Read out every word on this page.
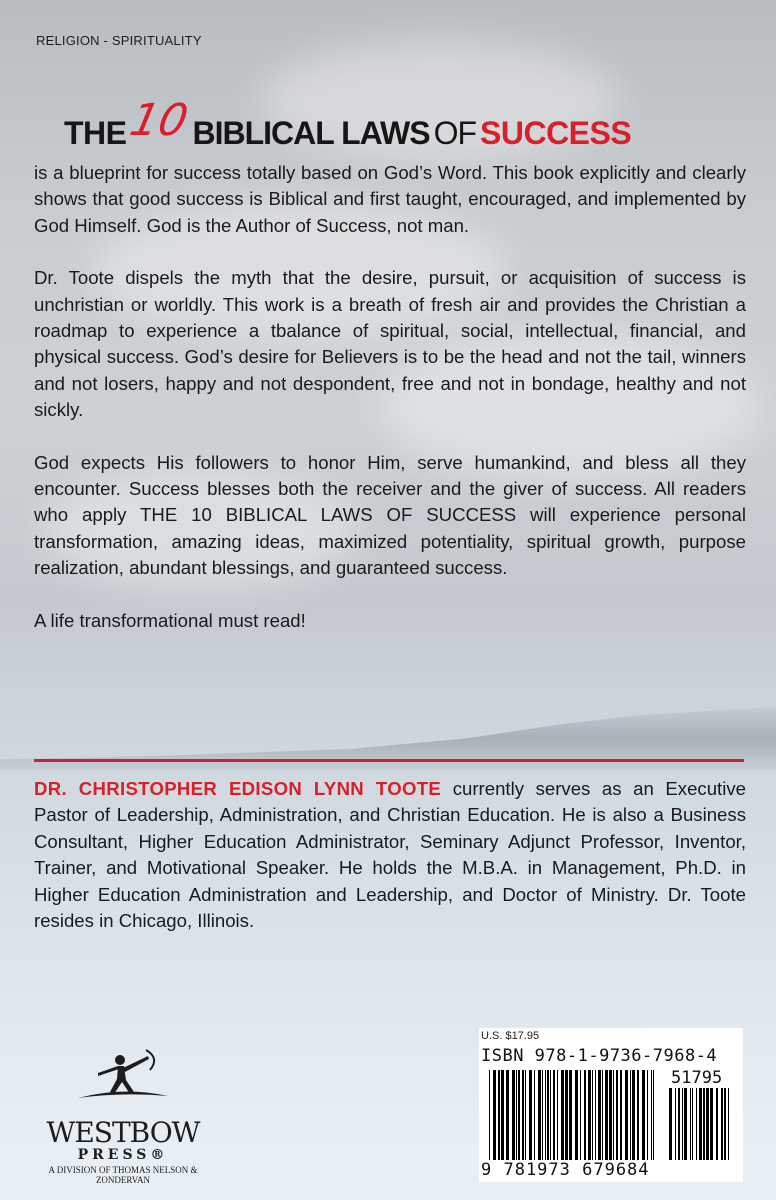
RELIGION - SPIRITUALITY
THE
10 BIBLICAL LAWS OF SUCCESS

is a blueprint for success totally based on God’s Word. This book explicitly and clearly shows that good success is Biblical and first taught, encouraged, and implemented by God Himself. God is the Author of Success, not man.

Dr. Toote dispels the myth that the desire, pursuit, or acquisition of success is unchristian or worldly. This work is a breath of fresh air and provides the Christian a roadmap to experience a tbalance of spiritual, social, intellectual, financial, and physical success. God’s desire for Believers is to be the head and not the tail, winners and not losers, happy and not despondent, free and not in bondage, healthy and not sickly.

God expects His followers to honor Him, serve humankind, and bless all they encounter. Success blesses both the receiver and the giver of success. All readers who apply THE 10 BIBLICAL LAWS OF SUCCESS will experience personal transformation, amazing ideas, maximized potentiality, spiritual growth, purpose realization, abundant blessings, and guaranteed success.

A life transformational must read!

DR. CHRISTOPHER EDISON LYNN TOOTE currently serves as an Executive Pastor of Leadership, Administration, and Christian Education. He is also a Business Consultant, Higher Education Administrator, Seminary Adjunct Professor, Inventor, Trainer, and Motivational Speaker. He holds the M.B.A. in Management, Ph.D. in Higher Education Administration and Leadership, and Doctor of Ministry. Dr. Toote resides in Chicago, Illinois.
WESTBOW
PRESS®
A DIVISION OF THOMAS NELSON & ZONDERVAN
U.S. $17.95
ISBN 978-1-9736-7968-4
51795
9 781973 679684
